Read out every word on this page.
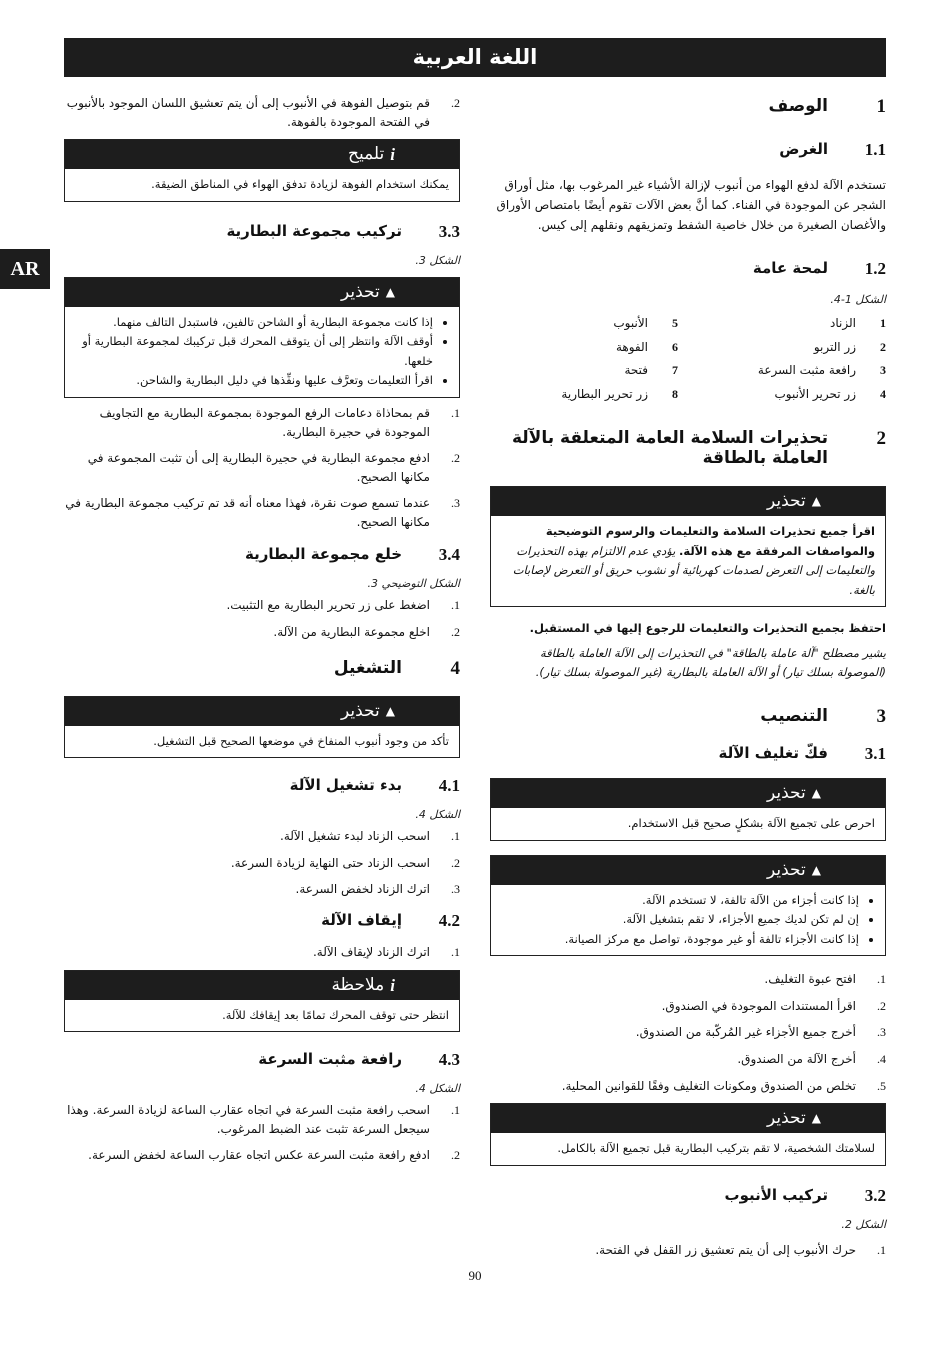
اللغة العربية
AR
1
الوصف
1.1
الغرض

تستخدم الآلة لدفع الهواء من أنبوب لإزالة الأشياء غير المرغوب بها، مثل أوراق الشجر عن الموجودة في الفناء. كما أنَّ بعض الآلات تقوم أيضًا بامتصاص الأوراق والأغصان الصغيرة من خلال خاصية الشفط وتمزيقهم ونقلهم إلى كيس.

1.2
لمحة عامة
الشكل 1-4.
1
الزناد
5
الأنبوب
2
زر التربو
6
الفوهة
3
رافعة مثبت السرعة
7
فتحة
4
زر تحرير الأنبوب
8
زر تحرير البطارية
2
تحذيرات السلامة العامة المتعلقة بالآلة العاملة بالطاقة
▲
تحذير
اقرأ جميع تحذيرات السلامة والتعليمات والرسوم التوضيحية والمواصفات المرفقة مع هذه الآلة. يؤدي عدم الالتزام بهذه التحذيرات والتعليمات إلى التعرض لصدمات كهربائية أو نشوب حريق أو التعرض لإصابات بالغة.

احتفظ بجميع التحذيرات والتعليمات للرجوع إليها في المستقبل.

يشير مصطلح "آلة عاملة بالطاقة" في التحذيرات إلى الآلة العاملة بالطاقة (الموصولة بسلك تيار) أو الآلة العاملة بالبطارية (غير الموصولة بسلك تيار).

3
التنصيب
3.1
فكّ تغليف الآلة
▲
تحذير
احرص على تجميع الآلة بشكلٍ صحيح قبل الاستخدام.
▲
تحذير
• إذا كانت أجزاء من الآلة تالفة، لا تستخدم الآلة.
• إن لم تكن لديك جميع الأجزاء، لا تقم بتشغيل الآلة.
• إذا كانت الأجزاء تالفة أو غير موجودة، تواصل مع مركز الصيانة.
1.
افتح عبوة التغليف.
2.
اقرأ المستندات الموجودة في الصندوق.
3.
أخرج جميع الأجزاء غير المُركّبة من الصندوق.
4.
أخرج الآلة من الصندوق.
5.
تخلص من الصندوق ومكونات التغليف وفقًا للقوانين المحلية.
▲
تحذير
لسلامتك الشخصية، لا تقم بتركيب البطارية قبل تجميع الآلة بالكامل.
3.2
تركيب الأنبوب
الشكل 2.
1.
حرك الأنبوب إلى أن يتم تعشيق زر القفل في الفتحة.
2.
قم بتوصيل الفوهة في الأنبوب إلى أن يتم تعشيق اللسان الموجود بالأنبوب في الفتحة الموجودة بالفوهة.
i
تلميح
يمكنك استخدام الفوهة لزيادة تدفق الهواء في المناطق الضيقة.
3.3
تركيب مجموعة البطارية
الشكل 3.
▲
تحذير
• إذا كانت مجموعة البطارية أو الشاحن تالفين، فاستبدل التالف منهما.
• أوقف الآلة وانتظر إلى أن يتوقف المحرك قبل تركيبك لمجموعة البطارية أو خلعها.
• اقرأ التعليمات وتعرَّف عليها ونفِّذها في دليل البطارية والشاحن.
1.
قم بمحاذاة دعامات الرفع الموجودة بمجموعة البطارية مع التجاويف الموجودة في حجيرة البطارية.
2.
ادفع مجموعة البطارية في حجيرة البطارية إلى أن تثبت المجموعة في مكانها الصحيح.
3.
عندما تسمع صوت نقرة، فهذا معناه أنه قد تم تركيب مجموعة البطارية في مكانها الصحيح.
3.4
خلع مجموعة البطارية
الشكل التوضيحي 3.
1.
اضغط على زر تحرير البطارية مع التثبيت.
2.
اخلع مجموعة البطارية من الآلة.
4
التشغيل
▲
تحذير
تأكد من وجود أنبوب المنفاخ في موضعها الصحيح قبل التشغيل.
4.1
بدء تشغيل الآلة
الشكل 4.
1.
اسحب الزناد لبدء تشغيل الآلة.
2.
اسحب الزناد حتى النهاية لزيادة السرعة.
3.
اترك الزناد لخفض السرعة.
4.2
إيقاف الآلة
1.
اترك الزناد لإيقاف الآلة.
i
ملاحظة
انتظر حتى توقف المحرك تمامًا بعد إيقافك للآلة.
4.3
رافعة مثبت السرعة
الشكل 4.
1.
اسحب رافعة مثبت السرعة في اتجاه عقارب الساعة لزيادة السرعة. وهذا سيجعل السرعة تثبت عند الضبط المرغوب.
2.
ادفع رافعة مثبت السرعة عكس اتجاه عقارب الساعة لخفض السرعة.
90
